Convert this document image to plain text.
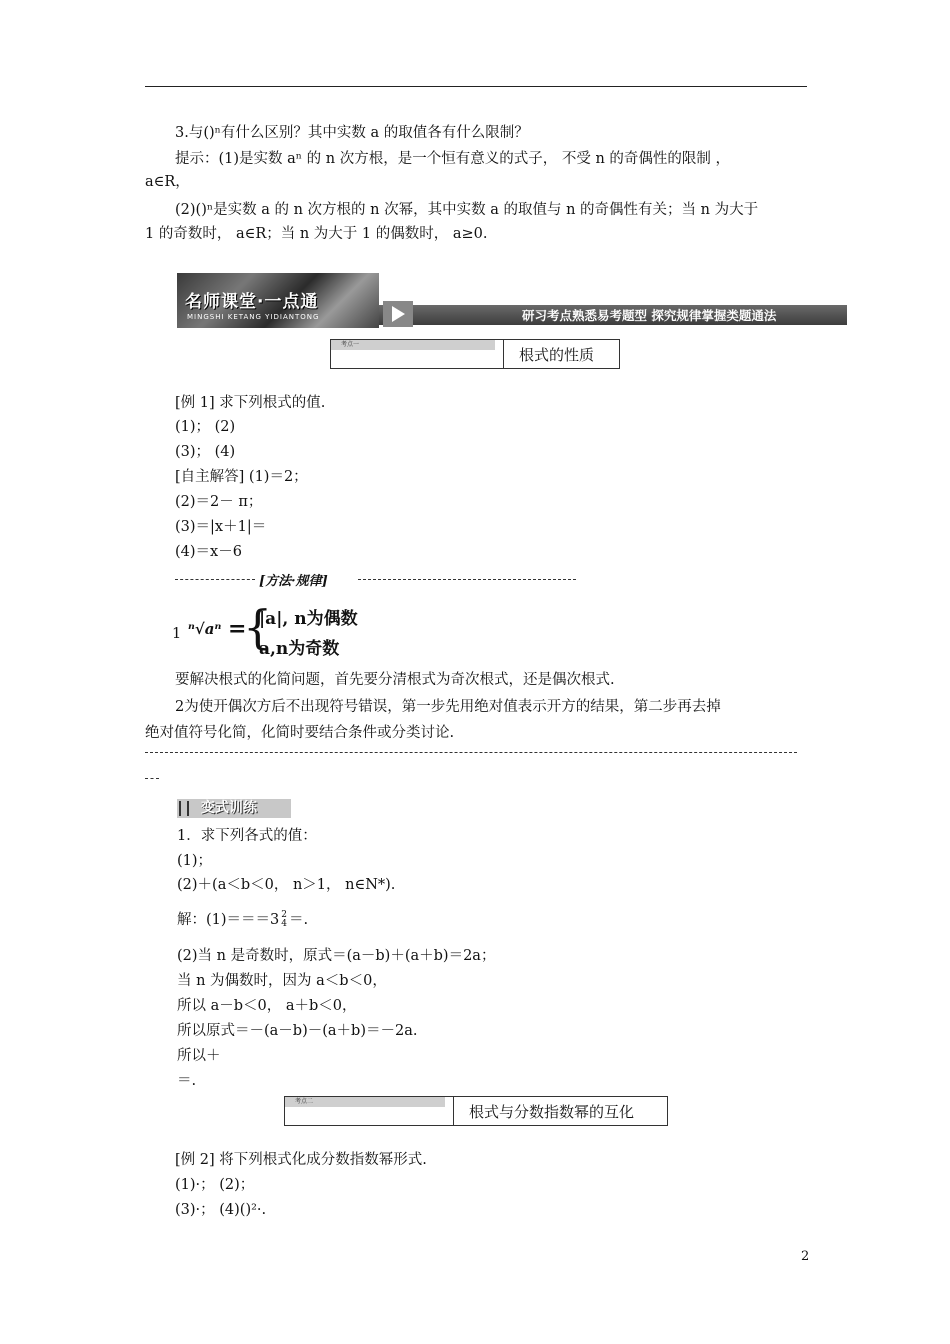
3.与()ⁿ有什么区别？其中实数 a 的取值各有什么限制？
提示：(1)是实数 aⁿ 的 n 次方根，是一个恒有意义的式子， 不受 n 的奇偶性的限制 ，
a∈R，
(2)()ⁿ是实数 a 的 n 次方根的 n 次幂，其中实数 a 的取值与 n 的奇偶性有关；当 n 为大于
1 的奇数时， a∈R；当 n 为大于 1 的偶数时， a≥0.
名师课堂·一点通
MINGSHI KETANG YIDIANTONG	研习考点熟悉易考题型 探究规律掌握类题通法
考点一
根式的性质
[例 1] 求下列根式的值.
(1)； (2)
(3)； (4)
[自主解答] (1)＝2；
(2)＝2－ π；
(3)＝|x＋1|＝
(4)＝x－6
[方法·规律]
1 ⁿ√aⁿ =
{
|a|, n为偶数
a,n为奇数
要解决根式的化简问题，首先要分清根式为奇次根式，还是偶次根式.
2为使开偶次方后不出现符号错误，第一步先用绝对值表示开方的结果，第二步再去掉
绝对值符号化简，化简时要结合条件或分类讨论.
变式训练
1．求下列各式的值：
(1)；
(2)＋(a＜b＜0， n＞1， n∈N*).
解：(1)＝＝＝3 2
4 ＝.
(2)当 n 是奇数时，原式＝(a－b)＋(a＋b)＝2a；
当 n 为偶数时，因为 a＜b＜0，
所以 a－b＜0， a＋b＜0，
所以原式＝－(a－b)－(a＋b)＝－2a.
所以＋
＝.
考点二
根式与分数指数幂的互化
[例 2] 将下列根式化成分数指数幂形式.
(1)·； (2)；
(3)·； (4)()²·.
2
